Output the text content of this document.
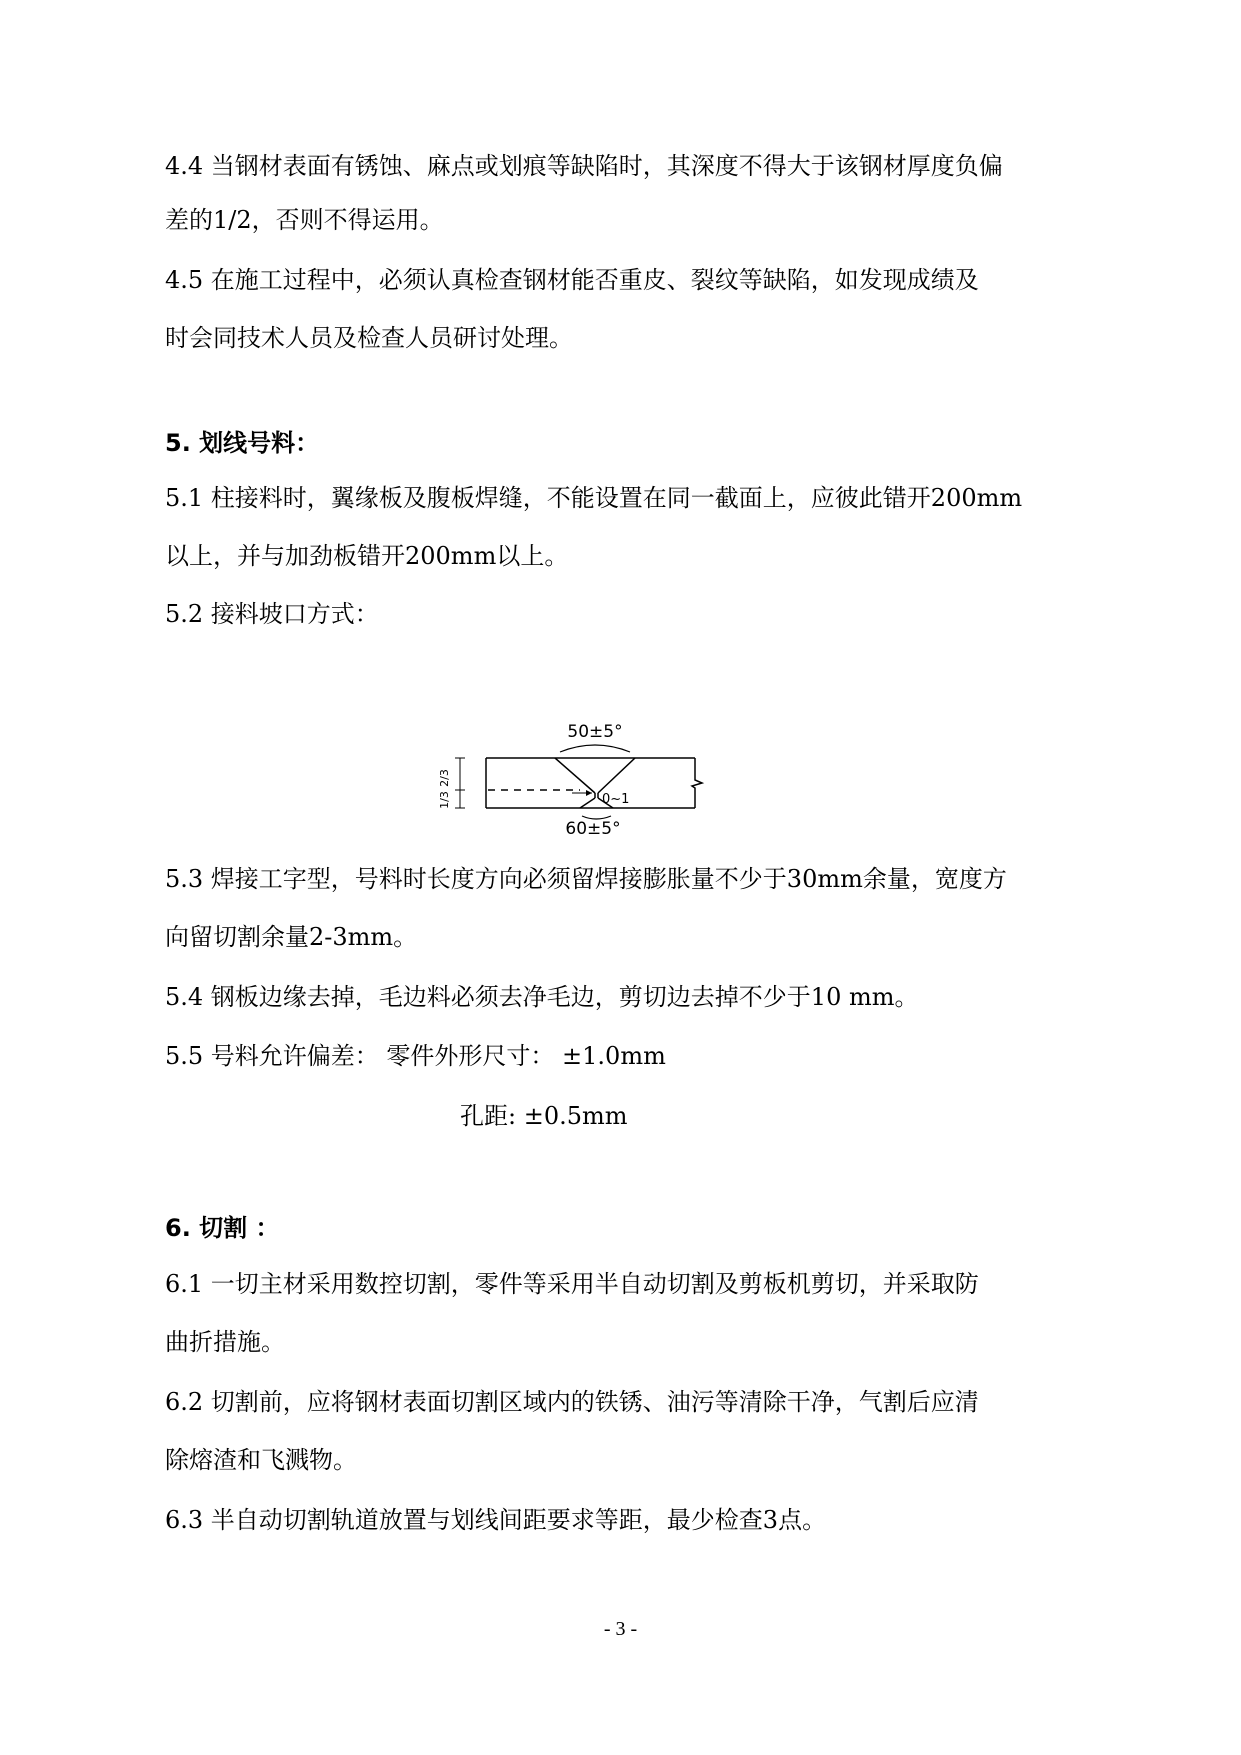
4.4 当钢材表面有锈蚀、麻点或划痕等缺陷时，其深度不得大于该钢材厚度负偏
差的1/2，否则不得运用。
4.5 在施工过程中，必须认真检查钢材能否重皮、裂纹等缺陷，如发现成绩及
时会同技术人员及检查人员研讨处理。
5. 划线号料：
5.1 柱接料时，翼缘板及腹板焊缝，不能设置在同一截面上，应彼此错开200mm
以上，并与加劲板错开200mm以上。
5.2 接料坡口方式：
2/3
1/3
50±5°
0~1
60±5°
5.3 焊接工字型，号料时长度方向必须留焊接膨胀量不少于30mm余量，宽度方
向留切割余量2-3mm。
5.4 钢板边缘去掉，毛边料必须去净毛边，剪切边去掉不少于10 mm。
5.5 号料允许偏差： 零件外形尺寸： ±1.0mm
孔距: ±0.5mm
6. 切割 ：
6.1 一切主材采用数控切割，零件等采用半自动切割及剪板机剪切，并采取防
曲折措施。
6.2 切割前，应将钢材表面切割区域内的铁锈、油污等清除干净，气割后应清
除熔渣和飞溅物。
6.3 半自动切割轨道放置与划线间距要求等距，最少检查3点。
- 3 -
